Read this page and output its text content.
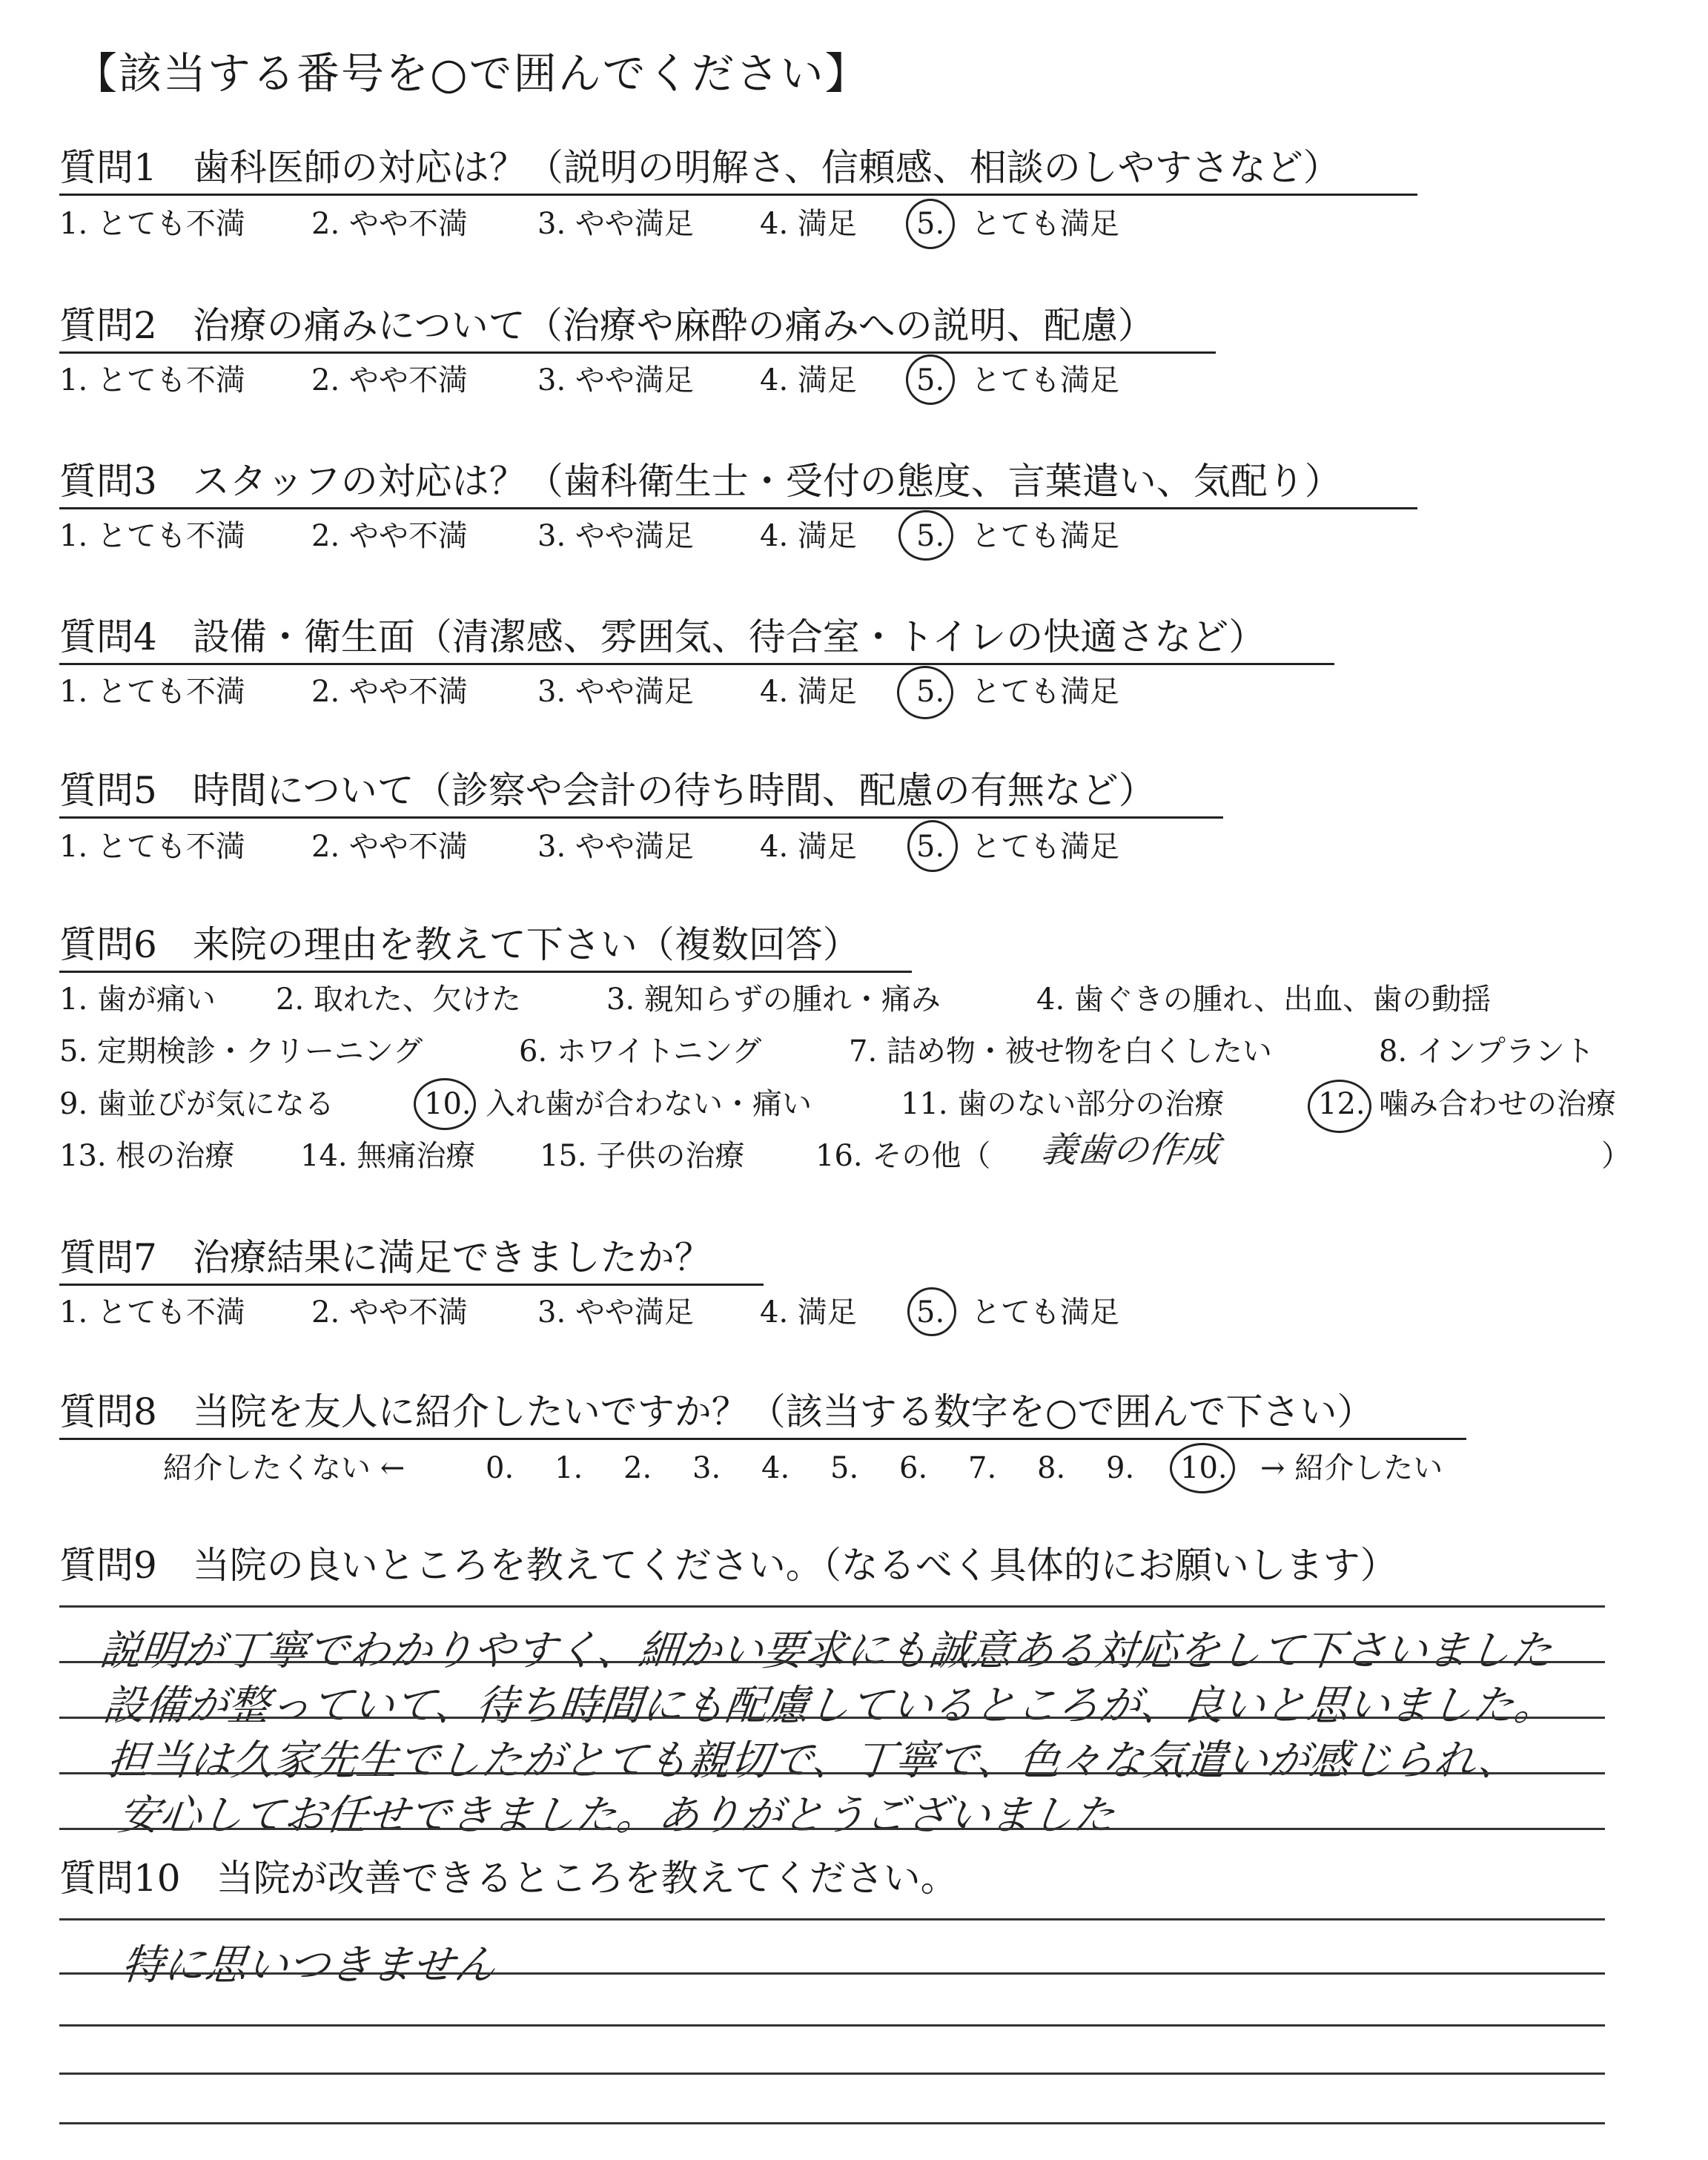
【該当する番号を○で囲んでください】
質問1 歯科医師の対応は？（説明の明解さ、信頼感、相談のしやすさなど）
1. とても不満 2. やや不満 3. やや満足 4. 満足 5. とても満足
質問2 治療の痛みについて（治療や麻酔の痛みへの説明、配慮）
1. とても不満 2. やや不満 3. やや満足 4. 満足 5. とても満足
質問3 スタッフの対応は？（歯科衛生士・受付の態度、言葉遣い、気配り）
1. とても不満 2. やや不満 3. やや満足 4. 満足 5. とても満足
質問4 設備・衛生面（清潔感、雰囲気、待合室・トイレの快適さなど）
1. とても不満 2. やや不満 3. やや満足 4. 満足 5. とても満足
質問5 時間について（診察や会計の待ち時間、配慮の有無など）
1. とても不満 2. やや不満 3. やや満足 4. 満足 5. とても満足
質問6 来院の理由を教えて下さい（複数回答）
1. 歯が痛い 2. 取れた、欠けた	3. 親知らずの腫れ・痛み	4. 歯ぐきの腫れ、出血、歯の動揺
5. 定期検診・クリーニング	6. ホワイトニング	7. 詰め物・被せ物を白くしたい	8. インプラント
9. 歯並びが気になる	10. 入れ歯が合わない・痛い	11. 歯のない部分の治療	12. 噛み合わせの治療
13. 根の治療 14. 無痛治療 15. 子供の治療 16. その他（ 義歯の作成	）
質問7 治療結果に満足できましたか？
1. とても不満 2. やや不満 3. やや満足 4. 満足 5. とても満足
質問8 当院を友人に紹介したいですか？（該当する数字を○で囲んで下さい）
紹介したくない ←	0. 1. 2. 3. 4. 5. 6. 7. 8. 9. 10. → 紹介したい
質問9 当院の良いところを教えてください。（なるべく具体的にお願いします）
説明が丁寧でわかりやすく、細かい要求にも誠意ある対応をして下さいました
設備が整っていて、待ち時間にも配慮しているところが、良いと思いました。
担当は久家先生でしたがとても親切で、丁寧で、色々な気遣いが感じられ、
安心してお任せできました。ありがとうございました
質問10 当院が改善できるところを教えてください。
特に思いつきません
